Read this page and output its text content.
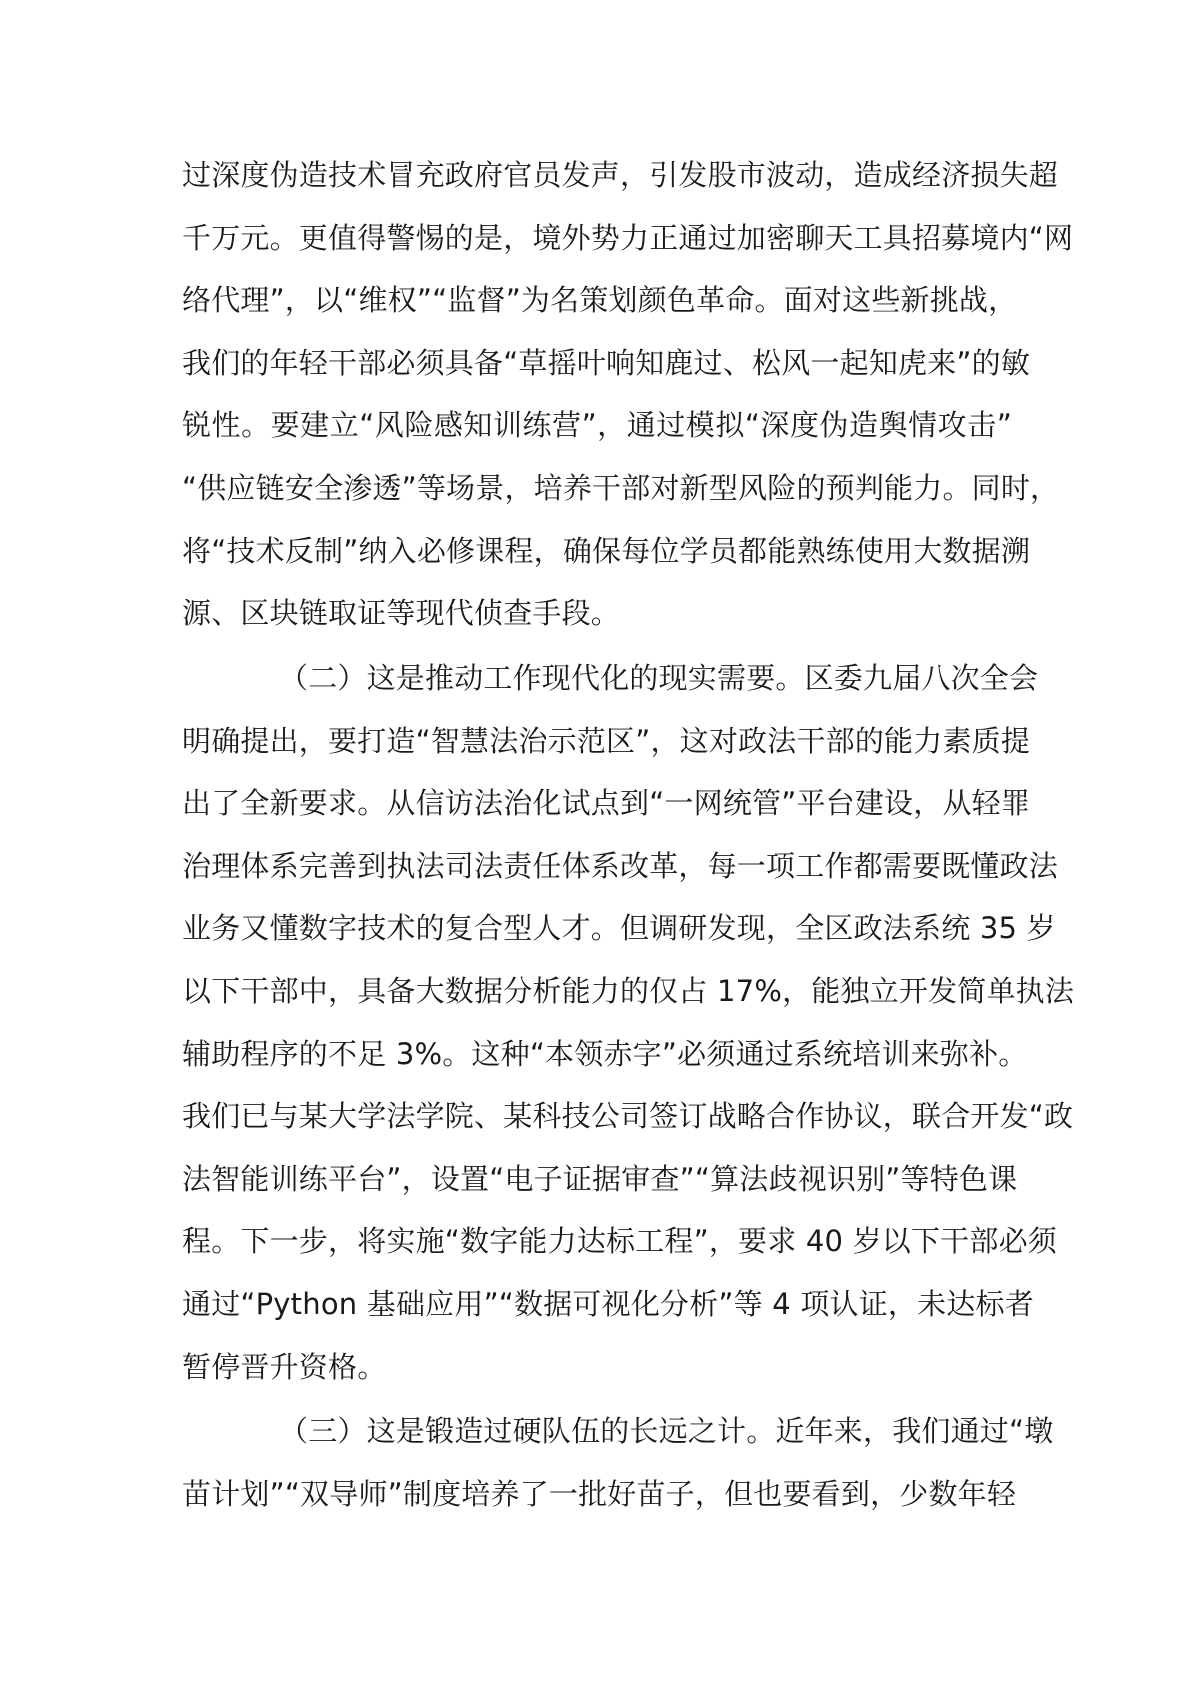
过深度伪造技术冒充政府官员发声，引发股市波动，造成经济损失超
千万元。更值得警惕的是，境外势力正通过加密聊天工具招募境内“网
络代理”，以“维权”“监督”为名策划颜色革命。面对这些新挑战，
我们的年轻干部必须具备“草摇叶响知鹿过、松风一起知虎来”的敏
锐性。要建立“风险感知训练营”，通过模拟“深度伪造舆情攻击”
“供应链安全渗透”等场景，培养干部对新型风险的预判能力。同时，
将“技术反制”纳入必修课程，确保每位学员都能熟练使用大数据溯
源、区块链取证等现代侦查手段。
（二）这是推动工作现代化的现实需要。区委九届八次全会
明确提出，要打造“智慧法治示范区”，这对政法干部的能力素质提
出了全新要求。从信访法治化试点到“一网统管”平台建设，从轻罪
治理体系完善到执法司法责任体系改革，每一项工作都需要既懂政法
业务又懂数字技术的复合型人才。但调研发现，全区政法系统 35 岁
以下干部中，具备大数据分析能力的仅占 17%，能独立开发简单执法
辅助程序的不足 3%。这种“本领赤字”必须通过系统培训来弥补。
我们已与某大学法学院、某科技公司签订战略合作协议，联合开发“政
法智能训练平台”，设置“电子证据审查”“算法歧视识别”等特色课
程。下一步，将实施“数字能力达标工程”，要求 40 岁以下干部必须
通过“Python 基础应用”“数据可视化分析”等 4 项认证，未达标者
暂停晋升资格。
（三）这是锻造过硬队伍的长远之计。近年来，我们通过“墩
苗计划”“双导师”制度培养了一批好苗子，但也要看到，少数年轻
